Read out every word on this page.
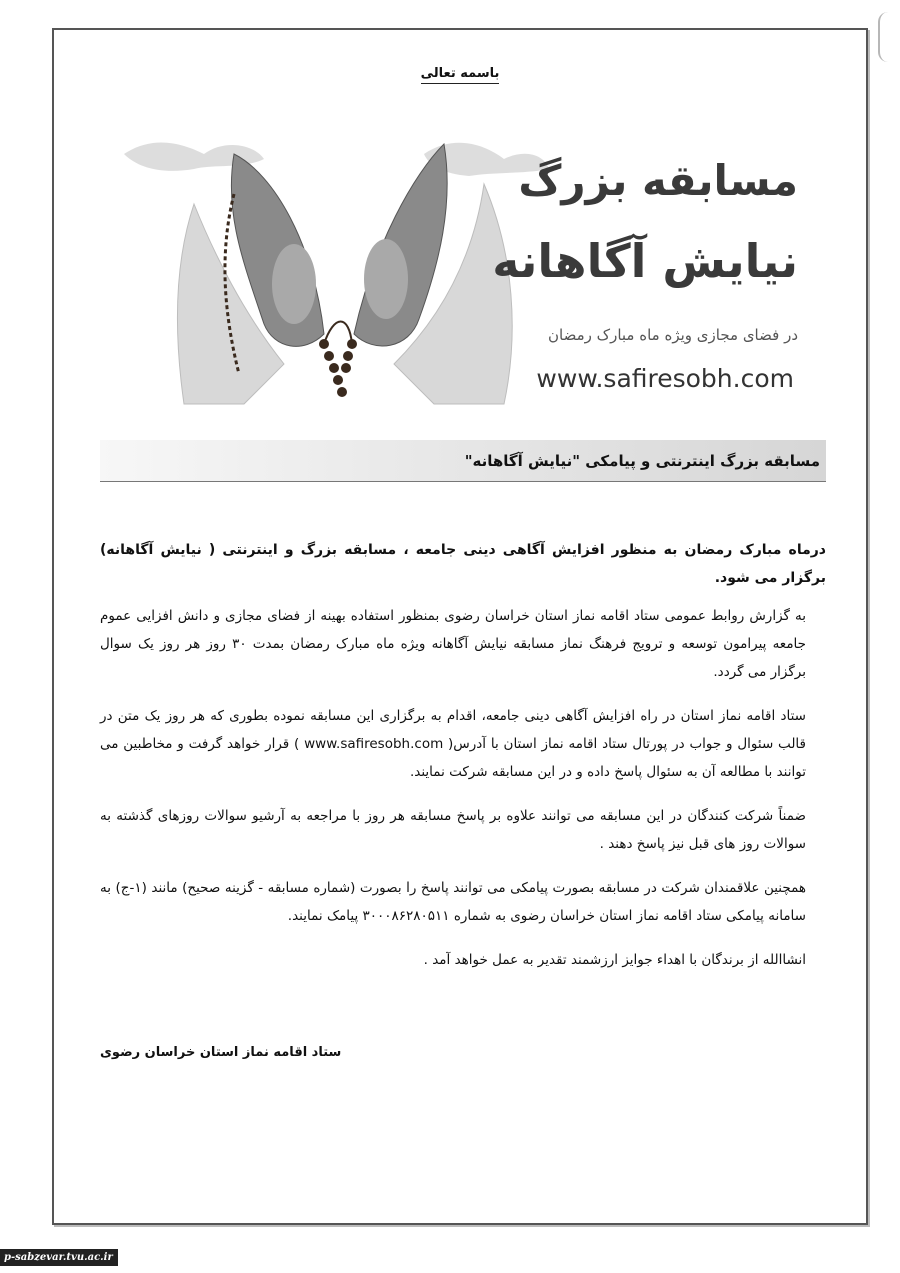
باسمه تعالی
مسابقه بزرگ
نیایش آگاهانه
در فضای مجازی ویژه ماه مبارک رمضان
www.safiresobh.com
مسابقه بزرگ اینترنتی و پیامکی "نیایش آگاهانه"

درماه مبارک رمضان به منظور افزایش آگاهی دینی جامعه ، مسابقه بزرگ و اینترنتی ( نیایش آگاهانه) برگزار می شود.

به گزارش روابط عمومی ستاد اقامه نماز استان خراسان رضوی بمنظور استفاده بهینه از فضای مجازی و دانش افزایی عموم جامعه پیرامون توسعه و ترویج فرهنگ نماز مسابقه نیایش آگاهانه ویژه ماه مبارک رمضان بمدت ۳۰ روز هر روز یک سوال برگزار می گردد.

ستاد اقامه نماز استان در راه افزایش آگاهی دینی جامعه، اقدام به برگزاری این مسابقه نموده بطوری که هر روز یک متن در قالب سئوال و جواب در پورتال ستاد اقامه نماز استان با آدرس( www.safiresobh.com ) قرار خواهد گرفت و مخاطبین می توانند با مطالعه آن به سئوال پاسخ داده و در این مسابقه شرکت نمایند.

ضمناً شرکت کنندگان در این مسابقه می توانند علاوه بر پاسخ مسابقه هر روز با مراجعه به آرشیو سوالات روزهای گذشته به سوالات روز های قبل نیز پاسخ دهند .

همچنین علاقمندان شرکت در مسابقه بصورت پیامکی می توانند پاسخ را بصورت (شماره مسابقه - گزینه صحیح) مانند (۱-ج) به سامانه پیامکی ستاد اقامه نماز استان خراسان رضوی به شماره ۳۰۰۰۸۶۲۸۰۵۱۱ پیامک نمایند.

انشاالله از برندگان با اهداء جوایز ارزشمند تقدیر به عمل خواهد آمد .

ستاد اقامه نماز استان خراسان رضوی
p-sabzevar.tvu.ac.ir
